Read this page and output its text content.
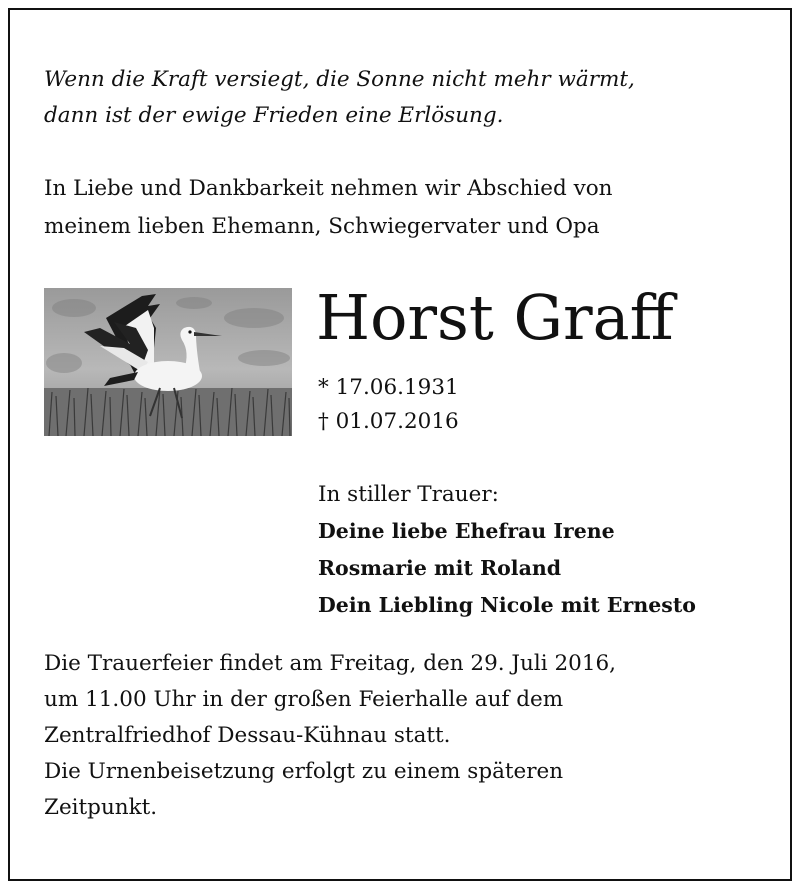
Wenn die Kraft versiegt, die Sonne nicht mehr wärmt,
dann ist der ewige Frieden eine Erlösung.
In Liebe und Dankbarkeit nehmen wir Abschied von
meinem lieben Ehemann, Schwiegervater und Opa
Horst Graff
* 17.06.1931
† 01.07.2016
In stiller Trauer:
Deine liebe Ehefrau Irene
Rosmarie mit Roland
Dein Liebling Nicole mit Ernesto
Die Trauerfeier findet am Freitag, den 29. Juli 2016,
um 11.00 Uhr in der großen Feierhalle auf dem
Zentralfriedhof Dessau-Kühnau statt.
Die Urnenbeisetzung erfolgt zu einem späteren
Zeitpunkt.
